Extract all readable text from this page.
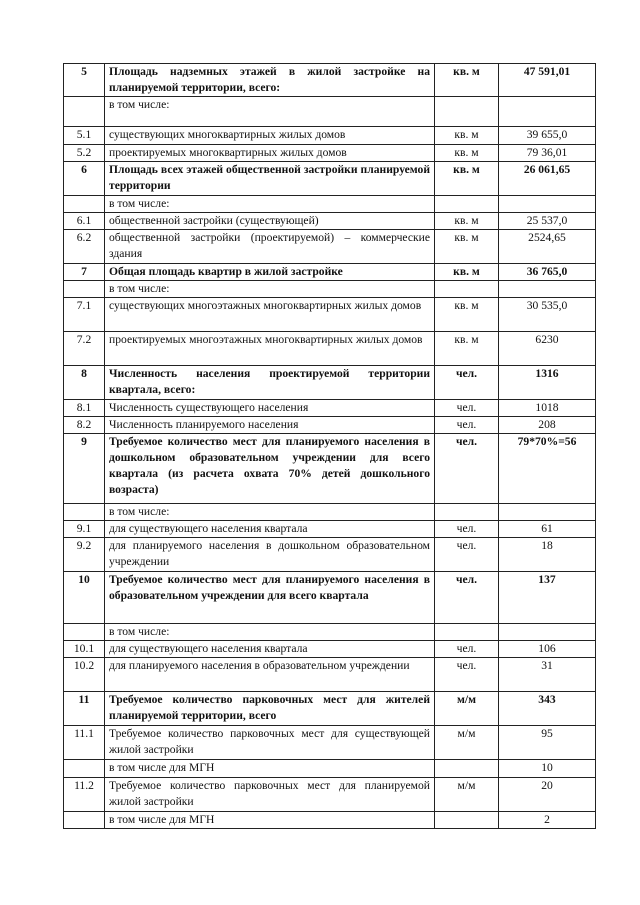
5	Площадь надземных этажей в жилой застройке на планируемой территории, всего:	кв. м	47 591,01
	в том числе:		
5.1	существующих многоквартирных жилых домов	кв. м	39 655,0
5.2	проектируемых многоквартирных жилых домов	кв. м	79 36,01
6	Площадь всех этажей общественной застройки планируемой территории	кв. м	26 061,65
	в том числе:		
6.1	общественной застройки (существующей)	кв. м	25 537,0
6.2	общественной застройки (проектируемой) – коммерческие здания	кв. м	2524,65
7	Общая площадь квартир в жилой застройке	кв. м	36 765,0
	в том числе:		
7.1	существующих многоэтажных многоквартирных жилых домов	кв. м	30 535,0
7.2	проектируемых многоэтажных многоквартирных жилых домов	кв. м	6230
8	Численность населения проектируемой территории квартала, всего:	чел.	1316
8.1	Численность существующего населения	чел.	1018
8.2	Численность планируемого населения	чел.	208
9	Требуемое количество мест для планируемого населения в дошкольном образовательном учреждении для всего квартала (из расчета охвата 70% детей дошкольного возраста)	чел.	79*70%=56
	в том числе:		
9.1	для существующего населения квартала	чел.	61
9.2	для планируемого населения в дошкольном образовательном учреждении	чел.	18
10	Требуемое количество мест для планируемого населения в образовательном учреждении для всего квартала	чел.	137
	в том числе:		
10.1	для существующего населения квартала	чел.	106
10.2	для планируемого населения в образовательном учреждении	чел.	31
11	Требуемое количество парковочных мест для жителей планируемой территории, всего	м/м	343
11.1	Требуемое количество парковочных мест для существующей жилой застройки	м/м	95
	в том числе для МГН		10
11.2	Требуемое количество парковочных мест для планируемой жилой застройки	м/м	20
	в том числе для МГН		2
